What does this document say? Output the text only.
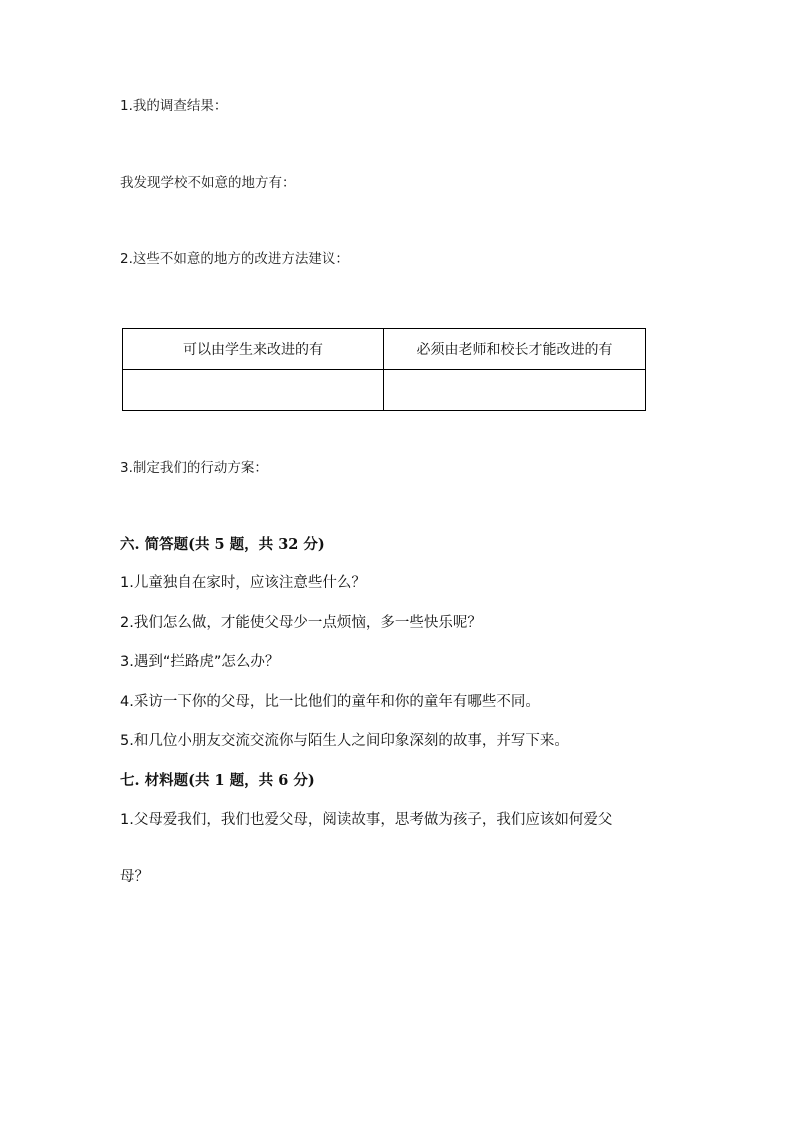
1.我的调查结果：
我发现学校不如意的地方有：
2.这些不如意的地方的改进方法建议：
可以由学生来改进的有	必须由老师和校长才能改进的有

3.制定我们的行动方案：
六. 简答题(共 5 题，共 32 分)
1.儿童独自在家时，应该注意些什么？
2.我们怎么做，才能使父母少一点烦恼，多一些快乐呢？
3.遇到“拦路虎”怎么办？
4.采访一下你的父母，比一比他们的童年和你的童年有哪些不同。
5.和几位小朋友交流交流你与陌生人之间印象深刻的故事，并写下来。
七. 材料题(共 1 题，共 6 分)
1.父母爱我们，我们也爱父母，阅读故事，思考做为孩子，我们应该如何爱父
母？
